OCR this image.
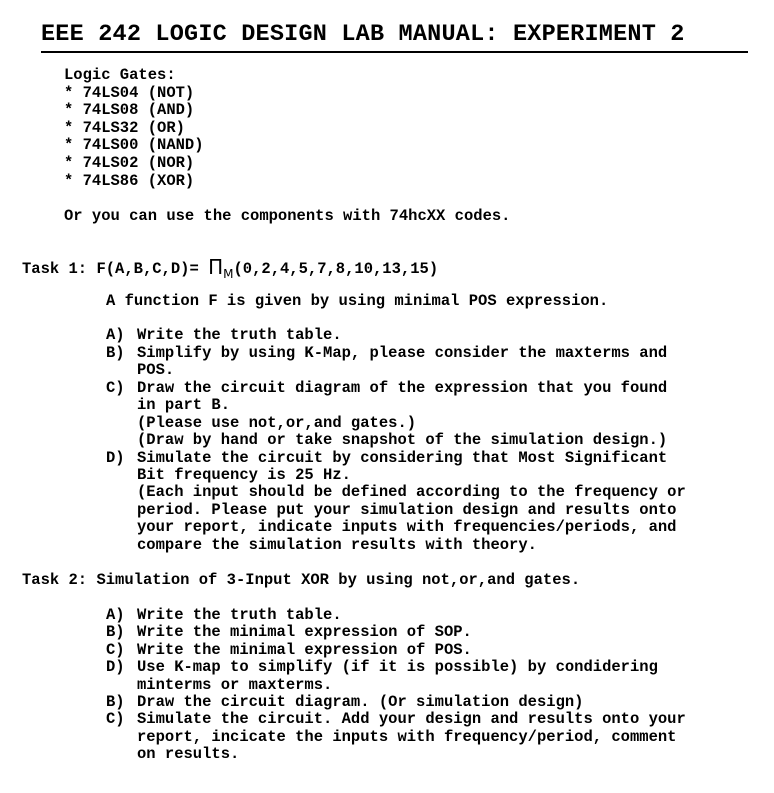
EEE 242 LOGIC DESIGN LAB MANUAL: EXPERIMENT 2
Logic Gates:
* 74LS04 (NOT)
* 74LS08 (AND)
* 74LS32 (OR)
* 74LS00 (NAND)
* 74LS02 (NOR)
* 74LS86 (XOR)
Or you can use the components with 74hcXX codes.
Task 1: $F(A,B,C,D)= \Pi_M(0,2,4,5,7,8,10,13,15)$
A function F is given by using minimal POS expression.
A) Write the truth table.
B) Simplify by using K-Map, please consider the maxterms and
POS.
C) Draw the circuit diagram of the expression that you found
in part B.
(Please use not,or,and gates.)
(Draw by hand or take snapshot of the simulation design.)
D) Simulate the circuit by considering that Most Significant
Bit frequency is 25 Hz.
(Each input should be defined according to the frequency or
period. Please put your simulation design and results onto
your report, indicate inputs with frequencies/periods, and
compare the simulation results with theory.
Task 2: Simulation of 3-Input XOR by using not,or,and gates.
A) Write the truth table.
B) Write the minimal expression of SOP.
C) Write the minimal expression of POS.
D) Use K-map to simplify (if it is possible) by condidering
minterms or maxterms.
B) Draw the circuit diagram. (Or simulation design)
C) Simulate the circuit. Add your design and results onto your
report, incicate the inputs with frequency/period, comment
on results.
